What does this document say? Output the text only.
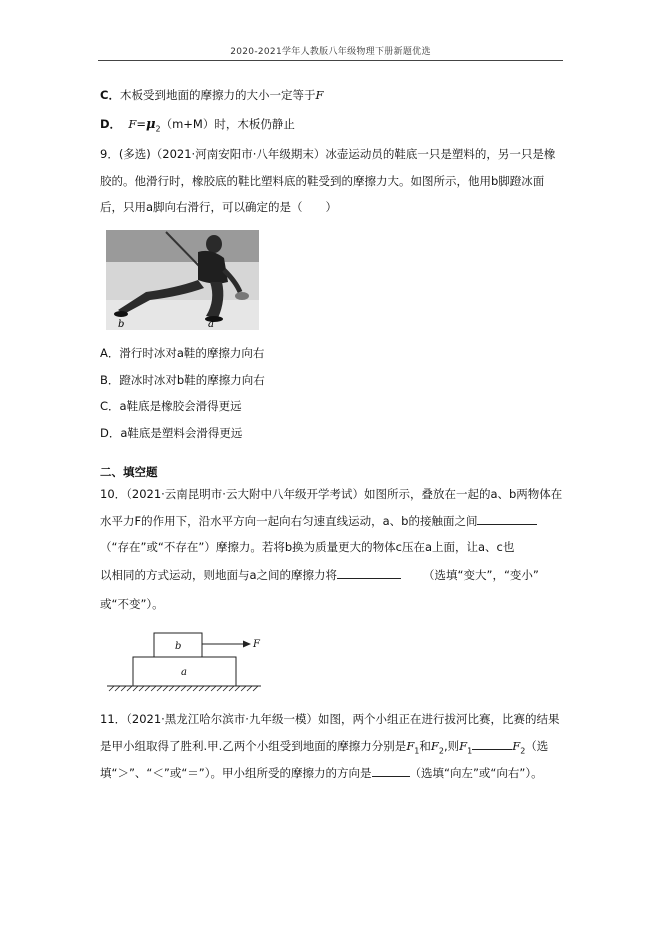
2020-2021学年人教版八年级物理下册新题优选
C．木板受到地面的摩擦力的大小一定等于F
D． $F=\mu_2(m+M)$时，木板仍静止
9．(多选)（2021·河南安阳市·八年级期末）冰壶运动员的鞋底一只是塑料的，另一只是橡
胶的。他滑行时，橡胶底的鞋比塑料底的鞋受到的摩擦力大。如图所示，他用b脚蹬冰面
后，只用a脚向右滑行，可以确定的是（　　）
b	a
A．滑行时冰对a鞋的摩擦力向右
B．蹬冰时冰对b鞋的摩擦力向右
C．a鞋底是橡胶会滑得更远
D．a鞋底是塑料会滑得更远
二、填空题
10．（2021·云南昆明市·云大附中八年级开学考试）如图所示，叠放在一起的a、b两物体在
水平力F的作用下，沿水平方向一起向右匀速直线运动，a、b的接触面之间
（“存在”或“不存在”）摩擦力。若将b换为质量更大的物体c压在a上面，让a、c也
以相同的方式运动，则地面与a之间的摩擦力将	（选填“变大”，“变小”
或“不变”）。
F
b
a
11．（2021·黑龙江哈尔滨市·九年级一模）如图，两个小组正在进行拔河比赛，比赛的结果
是甲小组取得了胜利.甲.乙两个小组受到地面的摩擦力分别是$F_1$和$F_2$,则$F_1$	$F_2$（选
填“＞”、“＜”或“＝”）。甲小组所受的摩擦力的方向是	（选填“向左”或“向右”）。
